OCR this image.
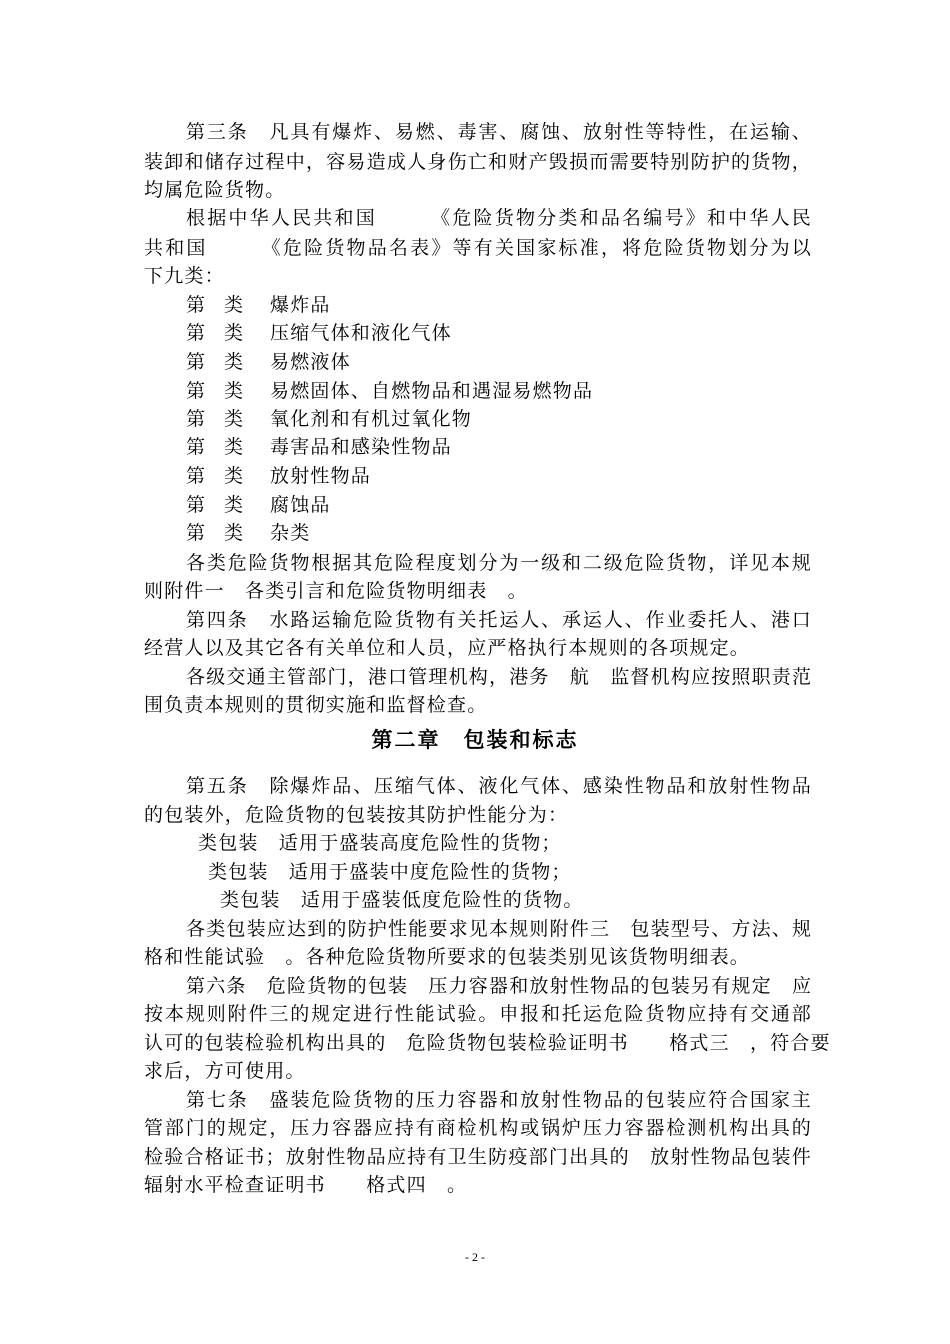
第三条　凡具有爆炸、易燃、毒害、腐蚀、放射性等特性，在运输、
装卸和储存过程中，容易造成人身伤亡和财产毁损而需要特别防护的货物，
均属危险货物。
根据中华人民共和国　　　《危险货物分类和品名编号》和中华人民
共和国　　　《危险货物品名表》等有关国家标准，将危险货物划分为以
下九类：
第 类 爆炸品
第 类 压缩气体和液化气体
第 类 易燃液体
第 类 易燃固体、自燃物品和遇湿易燃物品
第 类 氧化剂和有机过氧化物
第 类 毒害品和感染性物品
第 类 放射性物品
第 类 腐蚀品
第 类 杂类
各类危险货物根据其危险程度划分为一级和二级危险货物，详见本规
则附件一　各类引言和危险货物明细表　。
第四条　水路运输危险货物有关托运人、承运人、作业委托人、港口
经营人以及其它各有关单位和人员，应严格执行本规则的各项规定。
各级交通主管部门，港口管理机构，港务　航　监督机构应按照职责范
围负责本规则的贯彻实施和监督检查。
第二章　包装和标志
第五条　除爆炸品、压缩气体、液化气体、感染性物品和放射性物品
的包装外，危险货物的包装按其防护性能分为：
类包装　适用于盛装高度危险性的货物；
类包装　适用于盛装中度危险性的货物；
类包装　适用于盛装低度危险性的货物。
各类包装应达到的防护性能要求见本规则附件三　包装型号、方法、规
格和性能试验　。各种危险货物所要求的包装类别见该货物明细表。
第六条　危险货物的包装　压力容器和放射性物品的包装另有规定　应
按本规则附件三的规定进行性能试验。申报和托运危险货物应持有交通部
认可的包装检验机构出具的　危险货物包装检验证明书　　格式三　，符合要
求后，方可使用。
第七条　盛装危险货物的压力容器和放射性物品的包装应符合国家主
管部门的规定，压力容器应持有商检机构或锅炉压力容器检测机构出具的
检验合格证书；放射性物品应持有卫生防疫部门出具的　放射性物品包装件
辐射水平检查证明书　　格式四　。
- 2 -
